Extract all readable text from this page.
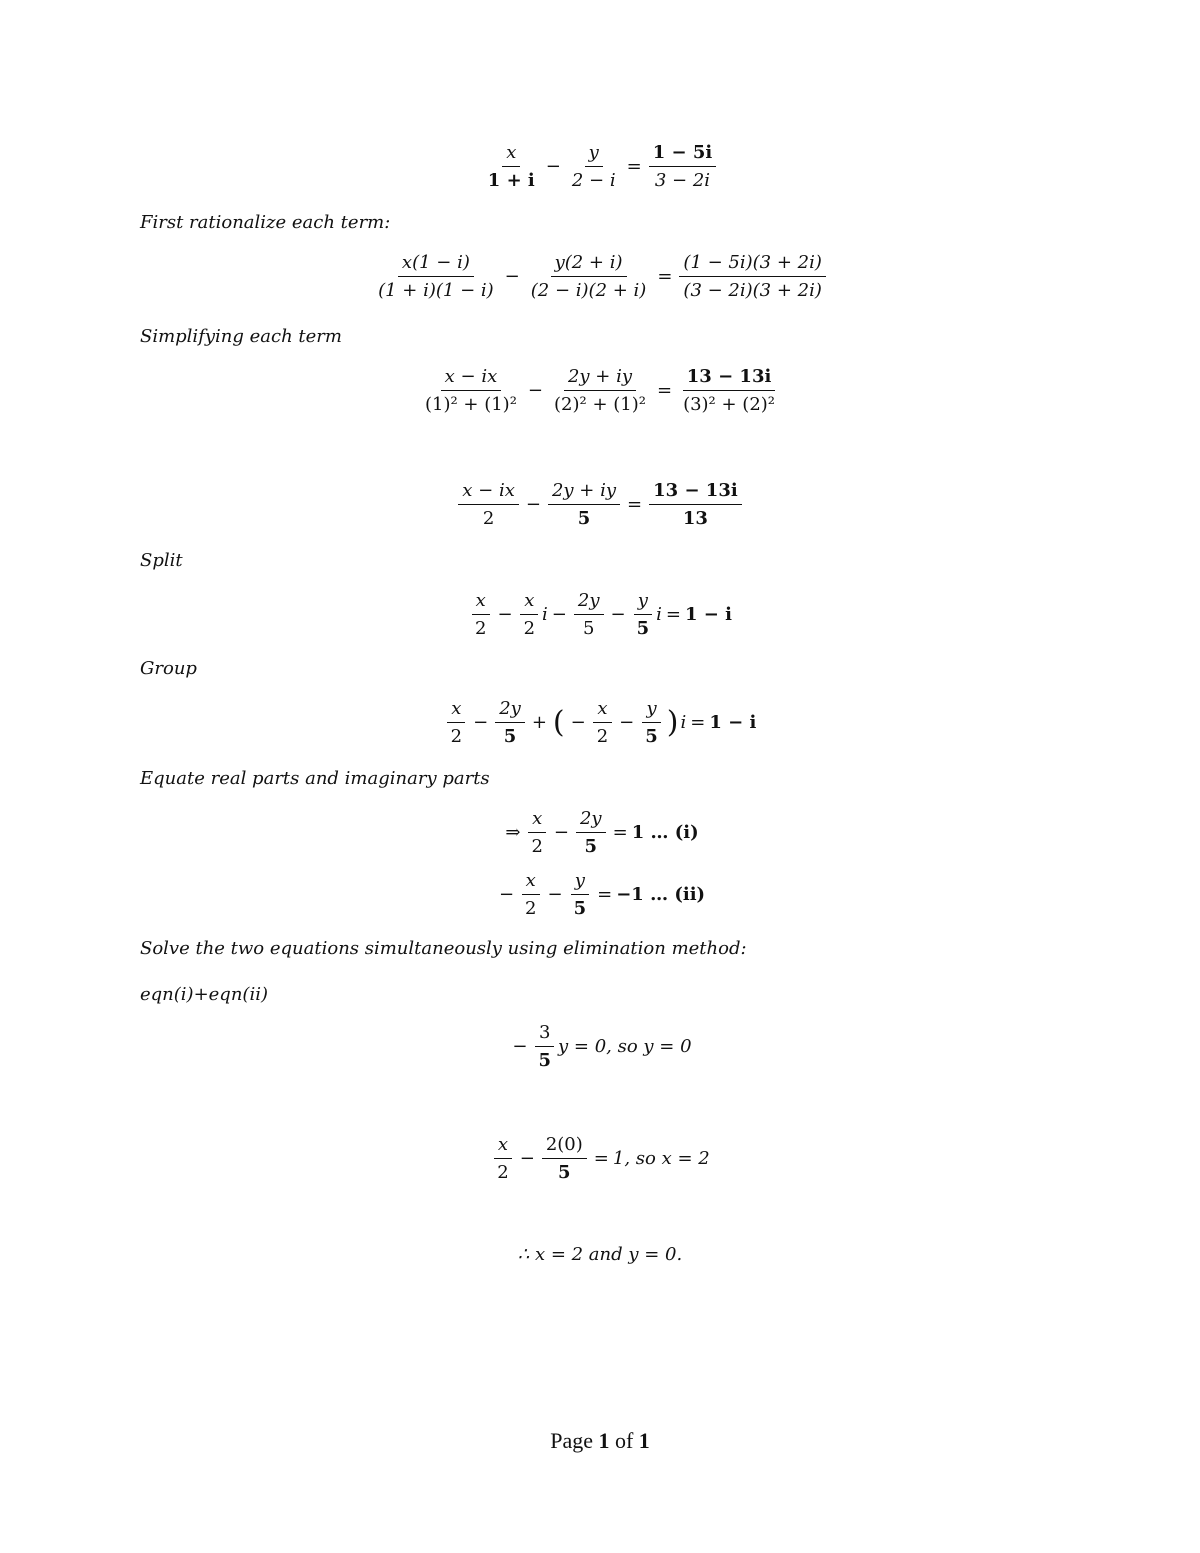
$\frac{x}{1 + i} - \frac{y}{2 - i} = \frac{1 - 5i}{3 - 2i}$
First rationalize each term:
$\frac{x(1 - i)}{(1 + i)(1 - i)} - \frac{y(2 + i)}{(2 - i)(2 + i)} = \frac{(1 - 5i)(3 + 2i)}{(3 - 2i)(3 + 2i)}$
Simplifying each term
$\frac{x - ix}{\text{(1)² + (1)²}} - \frac{2y + iy}{\text{(2)² + (1)²}} = \frac{13 - 13i}{\text{(3)² + (2)²}}$
$\frac{x - ix}{2} - \frac{2y + iy}{5} = \frac{13 - 13i}{13}$
Split
$\frac{x}{2} - \frac{x}{2}$ $i - \frac{2y}{5} - \frac{y}{5}$ i = 1 − i
Group
$\frac{x}{2} - \frac{2y}{5}$ + ( − $\frac{x}{2} - \frac{y}{5}$ ) i = 1 − i
Equate real parts and imaginary parts
⇒ $\frac{x}{2} - \frac{2y}{5} = 1$ … (i)
− $\frac{x}{2} - \frac{y}{5} = -1$ … (ii)
Solve the two equations simultaneously using elimination method:
eqn(i)+eqn(ii)
− $\frac{3}{5}$ y = 0, so y = 0
$\frac{x}{2} - \frac{2(0)}{5} = 1$, so x = 2
∴ x = 2 and y = 0.
Page 1 of 1
